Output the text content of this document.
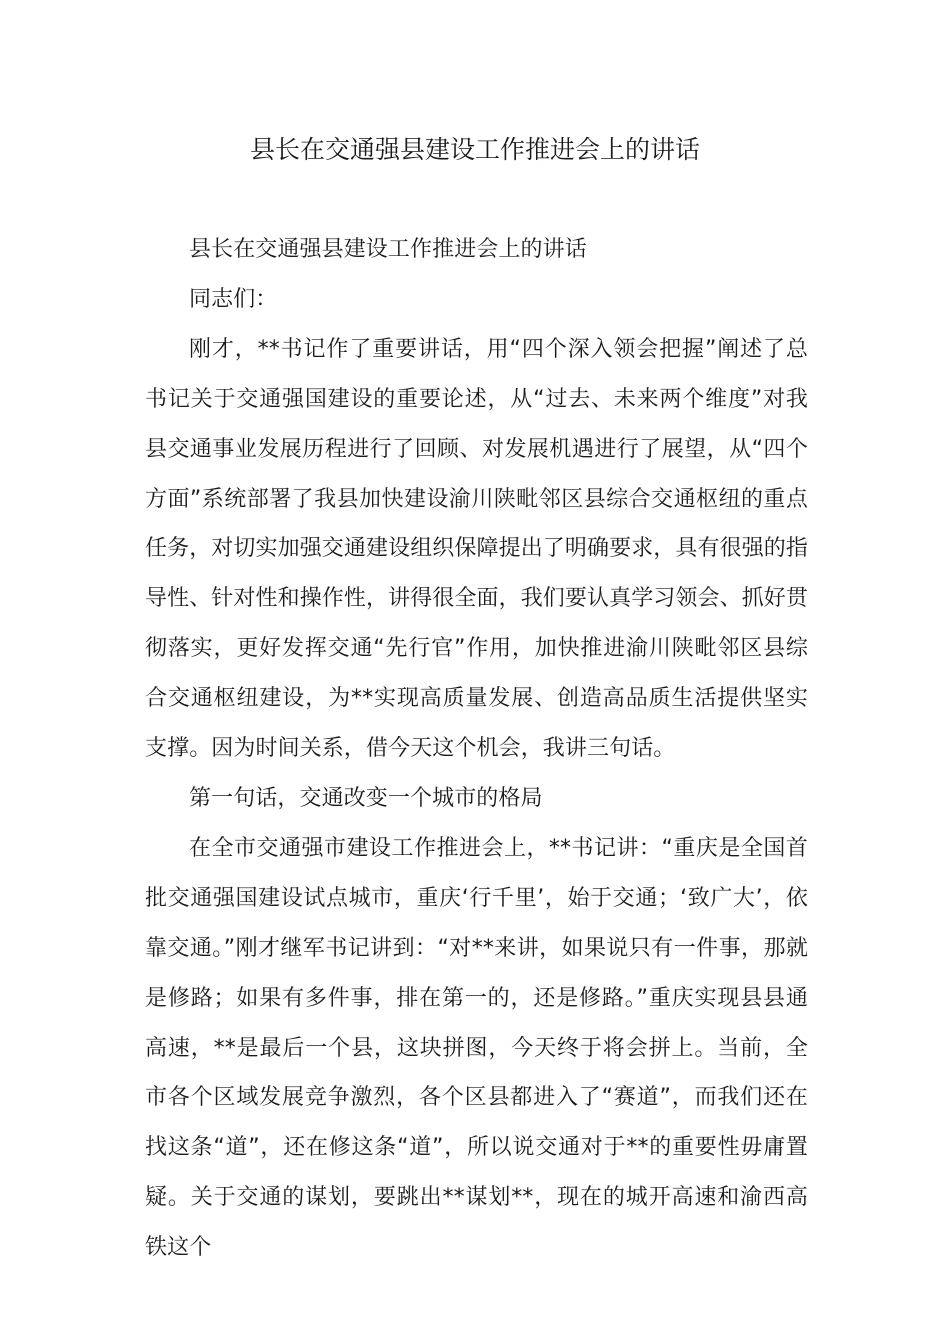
县长在交通强县建设工作推进会上的讲话

县长在交通强县建设工作推进会上的讲话

同志们：

刚才，**书记作了重要讲话，用“四个深入领会把握”阐述了总书记关于交通强国建设的重要论述，从“过去、未来两个维度”对我县交通事业发展历程进行了回顾、对发展机遇进行了展望，从“四个方面”系统部署了我县加快建设渝川陕毗邻区县综合交通枢纽的重点任务，对切实加强交通建设组织保障提出了明确要求，具有很强的指导性、针对性和操作性，讲得很全面，我们要认真学习领会、抓好贯彻落实，更好发挥交通“先行官”作用，加快推进渝川陕毗邻区县综合交通枢纽建设，为**实现高质量发展、创造高品质生活提供坚实支撑。因为时间关系，借今天这个机会，我讲三句话。

第一句话，交通改变一个城市的格局

在全市交通强市建设工作推进会上，**书记讲：“重庆是全国首批交通强国建设试点城市，重庆‘行千里’，始于交通；‘致广大’，依靠交通。”刚才继军书记讲到：“对**来讲，如果说只有一件事，那就是修路；如果有多件事，排在第一的，还是修路。”重庆实现县县通高速，**是最后一个县，这块拼图，今天终于将会拼上。当前，全市各个区域发展竞争激烈，各个区县都进入了“赛道”，而我们还在找这条“道”，还在修这条“道”，所以说交通对于**的重要性毋庸置疑。关于交通的谋划，要跳出**谋划**，现在的城开高速和渝西高铁这个
